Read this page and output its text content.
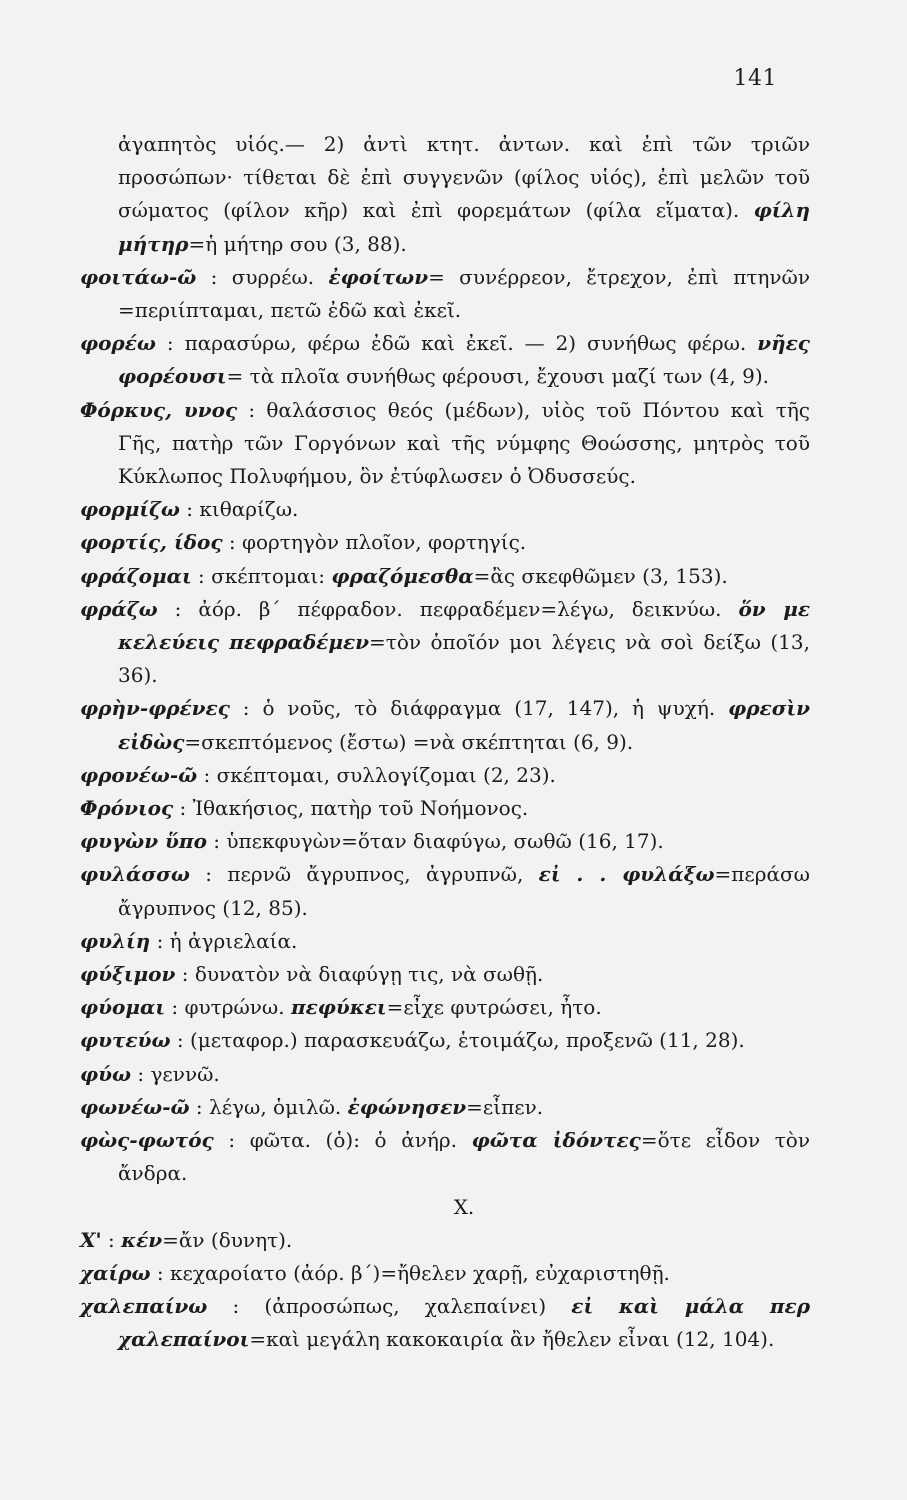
141

ἀγαπητὸς υἱός.— 2) ἀντὶ κτητ. ἀντων. καὶ ἐπὶ τῶν τριῶν προσώπων· τίθεται δὲ ἐπὶ συγγενῶν (φίλος υἱός), ἐπὶ μελῶν τοῦ σώματος (φίλον κῆρ) καὶ ἐπὶ φορεμάτων (φίλα εἵματα). φίλη μήτηρ=ἡ μήτηρ σου (3, 88).

φοιτάω-ῶ : συρρέω. ἐφοίτων= συνέρρεον, ἔτρεχον, ἐπὶ πτηνῶν =περιίπταμαι, πετῶ ἐδῶ καὶ ἐκεῖ.

φορέω : παρασύρω, φέρω ἐδῶ καὶ ἐκεῖ. — 2) συνήθως φέρω. νῆες φορέουσι= τὰ πλοῖα συνήθως φέρουσι, ἔχουσι μαζί των (4, 9).

Φόρκυς, υνος : θαλάσσιος θεός (μέδων), υἱὸς τοῦ Πόντου καὶ τῆς Γῆς, πατὴρ τῶν Γοργόνων καὶ τῆς νύμφης Θοώσσης, μητρὸς τοῦ Κύκλωπος Πολυφήμου, ὃν ἐτύφλωσεν ὁ Ὀδυσσεύς.

φορμίζω : κιθαρίζω.

φορτίς, ίδος : φορτηγὸν πλοῖον, φορτηγίς.

φράζομαι : σκέπτομαι: φραζόμεσθα=ἂς σκεφθῶμεν (3, 153).

φράζω : ἀόρ. β΄ πέφραδον. πεφραδέμεν=λέγω, δεικνύω. ὅν με κελεύεις πεφραδέμεν=τὸν ὁποῖόν μοι λέγεις νὰ σοὶ δείξω (13, 36).

φρὴν-φρένες : ὁ νοῦς, τὸ διάφραγμα (17, 147), ἡ ψυχή. φρεσὶν εἰδὼς=σκεπτόμενος (ἔστω) =νὰ σκέπτηται (6, 9).

φρονέω-ῶ : σκέπτομαι, συλλογίζομαι (2, 23).

Φρόνιος : Ἰθακήσιος, πατὴρ τοῦ Νοήμονος.

φυγὼν ὕπο : ὑπεκφυγὼν=ὅταν διαφύγω, σωθῶ (16, 17).

φυλάσσω : περνῶ ἄγρυπνος, ἀγρυπνῶ, εἰ . . φυλάξω=περάσω ἄγρυπνος (12, 85).

φυλίη : ἡ ἀγριελαία.

φύξιμον : δυνατὸν νὰ διαφύγῃ τις, νὰ σωθῇ.

φύομαι : φυτρώνω. πεφύκει=εἶχε φυτρώσει, ἦτο.

φυτεύω : (μεταφορ.) παρασκευάζω, ἑτοιμάζω, προξενῶ (11, 28).

φύω : γεννῶ.

φωνέω-ῶ : λέγω, ὁμιλῶ. ἐφώνησεν=εἶπεν.

φὼς-φωτός : φῶτα. (ὁ): ὁ ἀνήρ. φῶτα ἰδόντες=ὅτε εἶδον τὸν ἄνδρα.

Χ.

Χ' : κέν=ἄν (δυνητ).

χαίρω : κεχαροίατο (ἀόρ. β΄)=ἤθελεν χαρῇ, εὐχαριστηθῇ.

χαλεπαίνω : (ἀπροσώπως, χαλεπαίνει) εἰ καὶ μάλα περ χαλεπαίνοι=καὶ μεγάλη κακοκαιρία ἂν ἤθελεν εἶναι (12, 104).
